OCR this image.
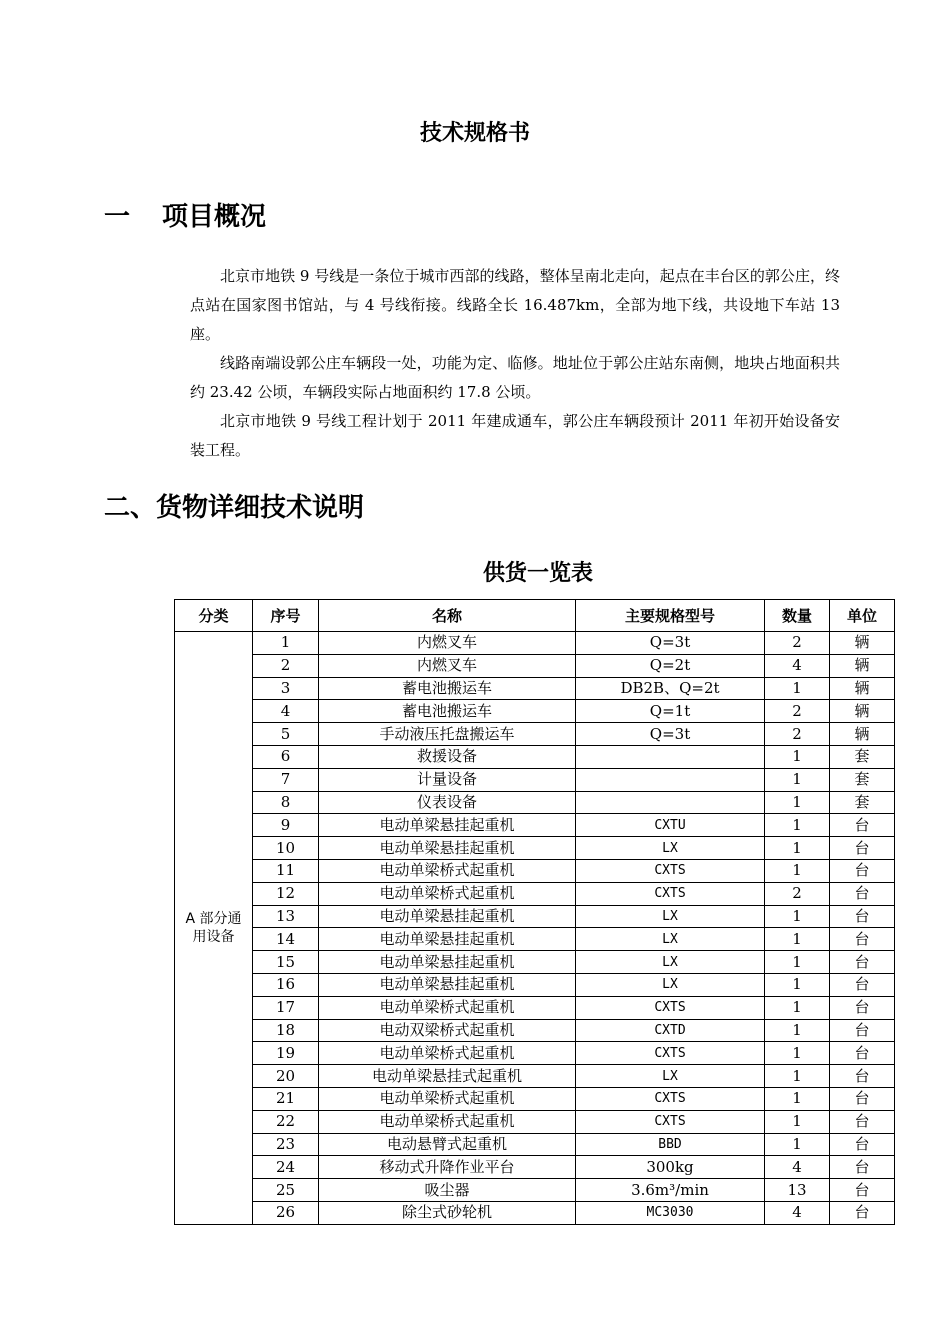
技术规格书
一 项目概况

北京市地铁 9 号线是一条位于城市西部的线路，整体呈南北走向，起点在丰台区的郭公庄，终点站在国家图书馆站，与 4 号线衔接。线路全长 16.487km，全部为地下线，共设地下车站 13 座。

线路南端设郭公庄车辆段一处，功能为定、临修。地址位于郭公庄站东南侧，地块占地面积共约 23.42 公顷，车辆段实际占地面积约 17.8 公顷。

北京市地铁 9 号线工程计划于 2011 年建成通车，郭公庄车辆段预计 2011 年初开始设备安装工程。

二、货物详细技术说明
供货一览表
分类	序号	名称	主要规格型号	数量	单位
A 部分通用设备	1	内燃叉车	Q=3t	2	辆
	2	内燃叉车	Q=2t	4	辆
	3	蓄电池搬运车	DB2B、Q=2t	1	辆
	4	蓄电池搬运车	Q=1t	2	辆
	5	手动液压托盘搬运车	Q=3t	2	辆
	6	救援设备		1	套
	7	计量设备		1	套
	8	仪表设备		1	套
	9	电动单梁悬挂起重机	CXTU	1	台
	10	电动单梁悬挂起重机	LX	1	台
	11	电动单梁桥式起重机	CXTS	1	台
	12	电动单梁桥式起重机	CXTS	2	台
	13	电动单梁悬挂起重机	LX	1	台
	14	电动单梁悬挂起重机	LX	1	台
	15	电动单梁悬挂起重机	LX	1	台
	16	电动单梁悬挂起重机	LX	1	台
	17	电动单梁桥式起重机	CXTS	1	台
	18	电动双梁桥式起重机	CXTD	1	台
	19	电动单梁桥式起重机	CXTS	1	台
	20	电动单梁悬挂式起重机	LX	1	台
	21	电动单梁桥式起重机	CXTS	1	台
	22	电动单梁桥式起重机	CXTS	1	台
	23	电动悬臂式起重机	BBD	1	台
	24	移动式升降作业平台	300kg	4	台
	25	吸尘器	3.6m³/min	13	台
	26	除尘式砂轮机	MC3030	4	台
